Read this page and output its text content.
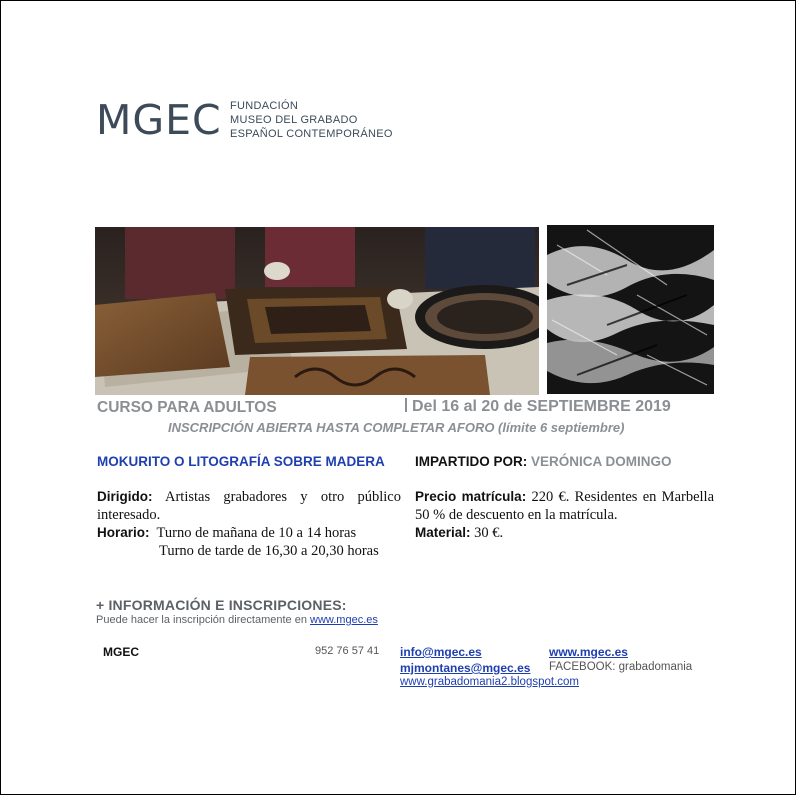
MGEC FUNDACIÓN
MUSEO DEL GRABADO
ESPAÑOL CONTEMPORÁNEO
CURSO PARA ADULTOS	Del 16 al 20 de SEPTIEMBRE 2019
INSCRIPCIÓN ABIERTA HASTA COMPLETAR AFORO (límite 6 septiembre)
MOKURITO O LITOGRAFÍA SOBRE MADERA IMPARTIDO POR: VERÓNICA DOMINGO
Dirigido: Artistas grabadores y otro público interesado.
Horario: Turno de mañana de 10 a 14 horas
Turno de tarde de 16,30 a 20,30 horas
Precio matrícula: 220 €. Residentes en Marbella 50 % de descuento en la matrícula.
Material: 30 €.
+ INFORMACIÓN E INSCRIPCIONES:
Puede hacer la inscripción directamente en www.mgec.es
MGEC	952 76 57 41 info@mgec.es
mjmontanes@mgec.es
www.grabadomania2.blogspot.com
www.mgec.es
FACEBOOK: grabadomania
